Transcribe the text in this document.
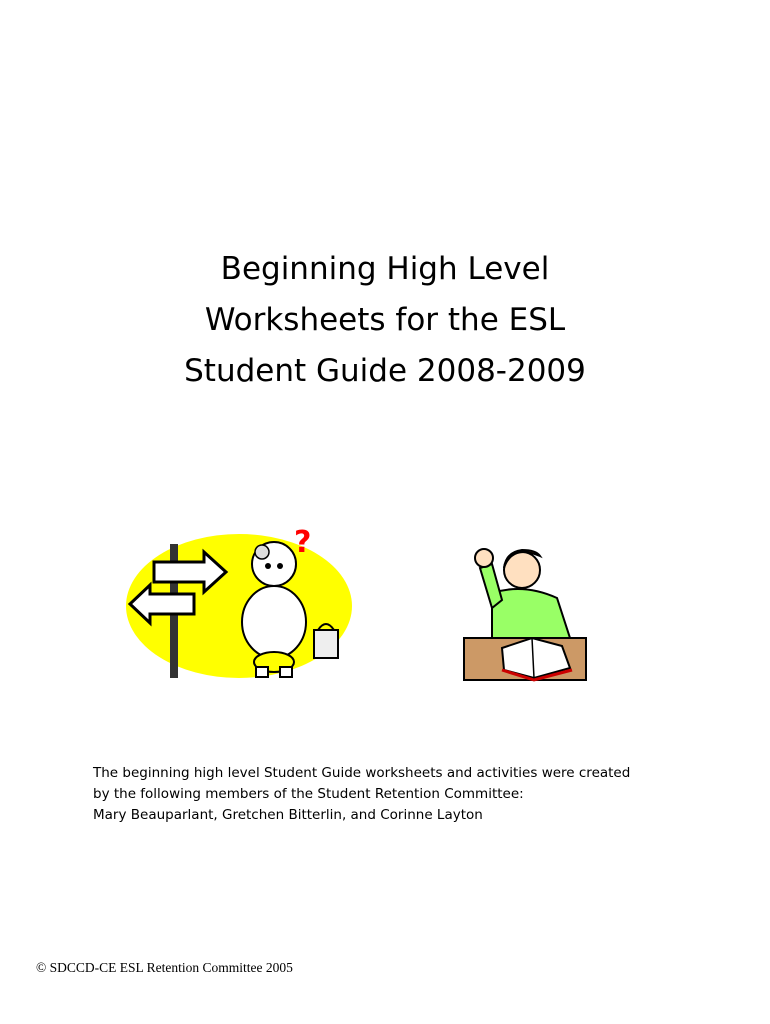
Beginning High Level
Worksheets for the ESL
Student Guide 2008-2009
?
The beginning high level Student Guide worksheets and activities were created
by the following members of the Student Retention Committee:
Mary Beauparlant, Gretchen Bitterlin, and Corinne Layton
© SDCCD-CE ESL Retention Committee 2005
